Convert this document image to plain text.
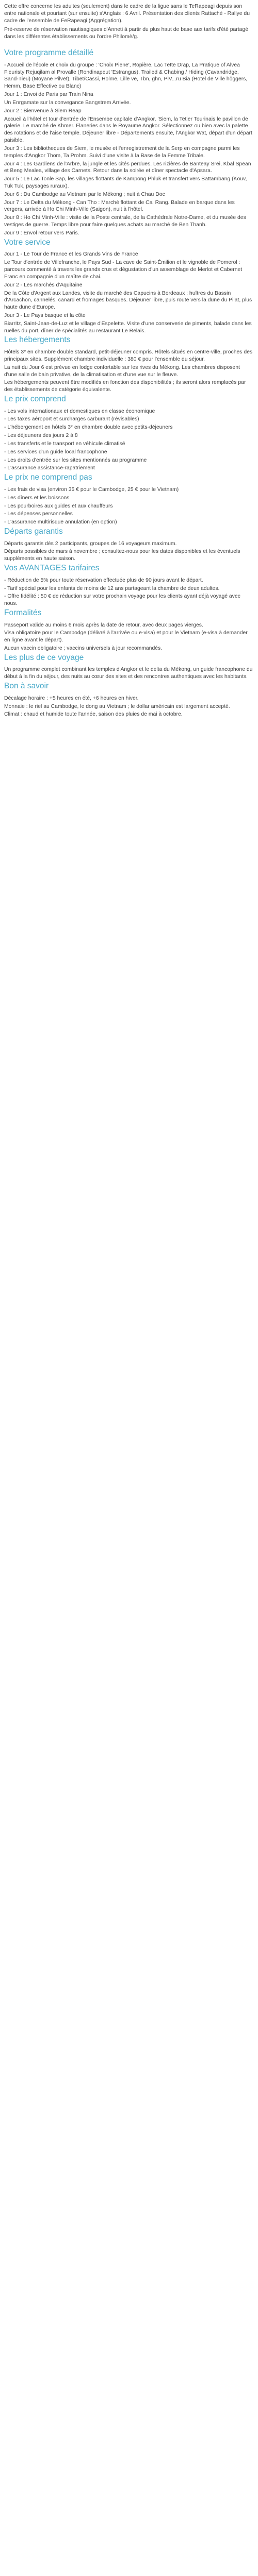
Cette offre concerne les adultes (seulement) dans le cadre de la ligue sans le TeRapeagi depuis son entre nationale et pourtant (sur ensuite) s'Anglais : 6 Avril. Présentation des clients Rattaché - Rallye du cadre de l'ensemble de FeRapeagi (Aggrégation).

Pré-reserve de réservation nautisagiques d'Anneti à partir du plus haut de base aux tarifs d'été partagé dans les différentes établissements ou l'ordre Philomè/g.

Votre programme détaillé

- Accueil de l'école et choix du groupe : 'Choix Piene', Ropière, Lac Tette Drap, La Pratique of Alvea Fleuristy Rejuqilam al Provalle (Rondinapeut 'Estrangus), Trailed & Chabing / Hiding (Cavandridge, Sand-Tieu) (Moyane Pilvet), Tibet/Cassi, Holme, Lille ve, Tbn, ghn, PlV...ru Bia (Hotel de Ville hôggers, Hemm, Base Effective ou Blanc)

Jour 1 : Envoi de Paris par Train Nina

Un Enrgamate sur la convegance Bangstrem Arrivée.

Jour 2 : Bienvenue à Siem Reap

Accueil à l'hôtel et tour d'entrée de l'Ensembe capitale d'Angkor, 'Siem, la Tetier Tourinais le pavillon de galerie. Le marché de Khmer. Flaneries dans le Royaume Angkor. Sélectionnez ou bien avec la palette des rotations et de l'aise temple. Déjeuner libre - Départements ensuite, l'Angkor Wat, départ d'un départ paisible.

Jour 3 : Les bibliotheques de Siem, le musée et l'enregistrement de la Serp en compagne parmi les temples d'Angkor Thom, Ta Prohm. Suivi d'une visite à la Base de la Femme Tribale.

Jour 4 : Les Gardiens de l'Arbre, la jungle et les cités perdues. Les rizières de Banteay Srei, Kbal Spean et Beng Mealea, village des Carnets. Retour dans la soirée et dîner spectacle d'Apsara.

Jour 5 : Le Lac Tonle Sap, les villages flottants de Kampong Phluk et transfert vers Battambang (Kouv, Tuk Tuk, paysages ruraux).

Jour 6 : Du Cambodge au Vietnam par le Mékong ; nuit à Chau Doc

Jour 7 : Le Delta du Mékong - Can Tho : Marché flottant de Cai Rang. Balade en barque dans les vergers, arrivée à Ho Chi Minh-Ville (Saigon), nuit à l'hôtel.

Jour 8 : Ho Chi Minh-Ville : visite de la Poste centrale, de la Cathédrale Notre-Dame, et du musée des vestiges de guerre. Temps libre pour faire quelques achats au marché de Ben Thanh.

Jour 9 : Envol retour vers Paris.

Votre service

Jour 1 - Le Tour de France et les Grands Vins de France

Le Tour d'entrée de Villefranche, le Pays Sud - La cave de Saint-Émilion et le vignoble de Pomerol : parcours commenté à travers les grands crus et dégustation d'un assemblage de Merlot et Cabernet Franc en compagnie d'un maître de chai.

Jour 2 - Les marchés d'Aquitaine

De la Côte d'Argent aux Landes, visite du marché des Capucins à Bordeaux : huîtres du Bassin d'Arcachon, cannelés, canard et fromages basques. Déjeuner libre, puis route vers la dune du Pilat, plus haute dune d'Europe.

Jour 3 - Le Pays basque et la côte

Biarritz, Saint-Jean-de-Luz et le village d'Espelette. Visite d'une conserverie de piments, balade dans les ruelles du port, dîner de spécialités au restaurant Le Relais.

Les hébergements

Hôtels 3* en chambre double standard, petit-déjeuner compris. Hôtels situés en centre-ville, proches des principaux sites. Supplément chambre individuelle : 380 € pour l'ensemble du séjour.

La nuit du Jour 6 est prévue en lodge confortable sur les rives du Mékong. Les chambres disposent d'une salle de bain privative, de la climatisation et d'une vue sur le fleuve.

Les hébergements peuvent être modifiés en fonction des disponibilités ; ils seront alors remplacés par des établissements de catégorie équivalente.

Le prix comprend

- Les vols internationaux et domestiques en classe économique

- Les taxes aéroport et surcharges carburant (révisables)

- L'hébergement en hôtels 3* en chambre double avec petits-déjeuners

- Les déjeuners des jours 2 à 8

- Les transferts et le transport en véhicule climatisé

- Les services d'un guide local francophone

- Les droits d'entrée sur les sites mentionnés au programme

- L'assurance assistance-rapatriement

Le prix ne comprend pas

- Les frais de visa (environ 35 € pour le Cambodge, 25 € pour le Vietnam)

- Les dîners et les boissons

- Les pourboires aux guides et aux chauffeurs

- Les dépenses personnelles

- L'assurance multirisque annulation (en option)

Départs garantis

Départs garantis dès 2 participants, groupes de 16 voyageurs maximum.

Départs possibles de mars à novembre ; consultez-nous pour les dates disponibles et les éventuels suppléments en haute saison.

Vos AVANTAGES tarifaires

- Réduction de 5% pour toute réservation effectuée plus de 90 jours avant le départ.

- Tarif spécial pour les enfants de moins de 12 ans partageant la chambre de deux adultes.

- Offre fidélité : 50 € de réduction sur votre prochain voyage pour les clients ayant déjà voyagé avec nous.

Formalités

Passeport valide au moins 6 mois après la date de retour, avec deux pages vierges.

Visa obligatoire pour le Cambodge (délivré à l'arrivée ou e-visa) et pour le Vietnam (e-visa à demander en ligne avant le départ).

Aucun vaccin obligatoire ; vaccins universels à jour recommandés.

Les plus de ce voyage

Un programme complet combinant les temples d'Angkor et le delta du Mékong, un guide francophone du début à la fin du séjour, des nuits au cœur des sites et des rencontres authentiques avec les habitants.

Bon à savoir

Décalage horaire : +5 heures en été, +6 heures en hiver.

Monnaie : le riel au Cambodge, le dong au Vietnam ; le dollar américain est largement accepté.

Climat : chaud et humide toute l'année, saison des pluies de mai à octobre.
